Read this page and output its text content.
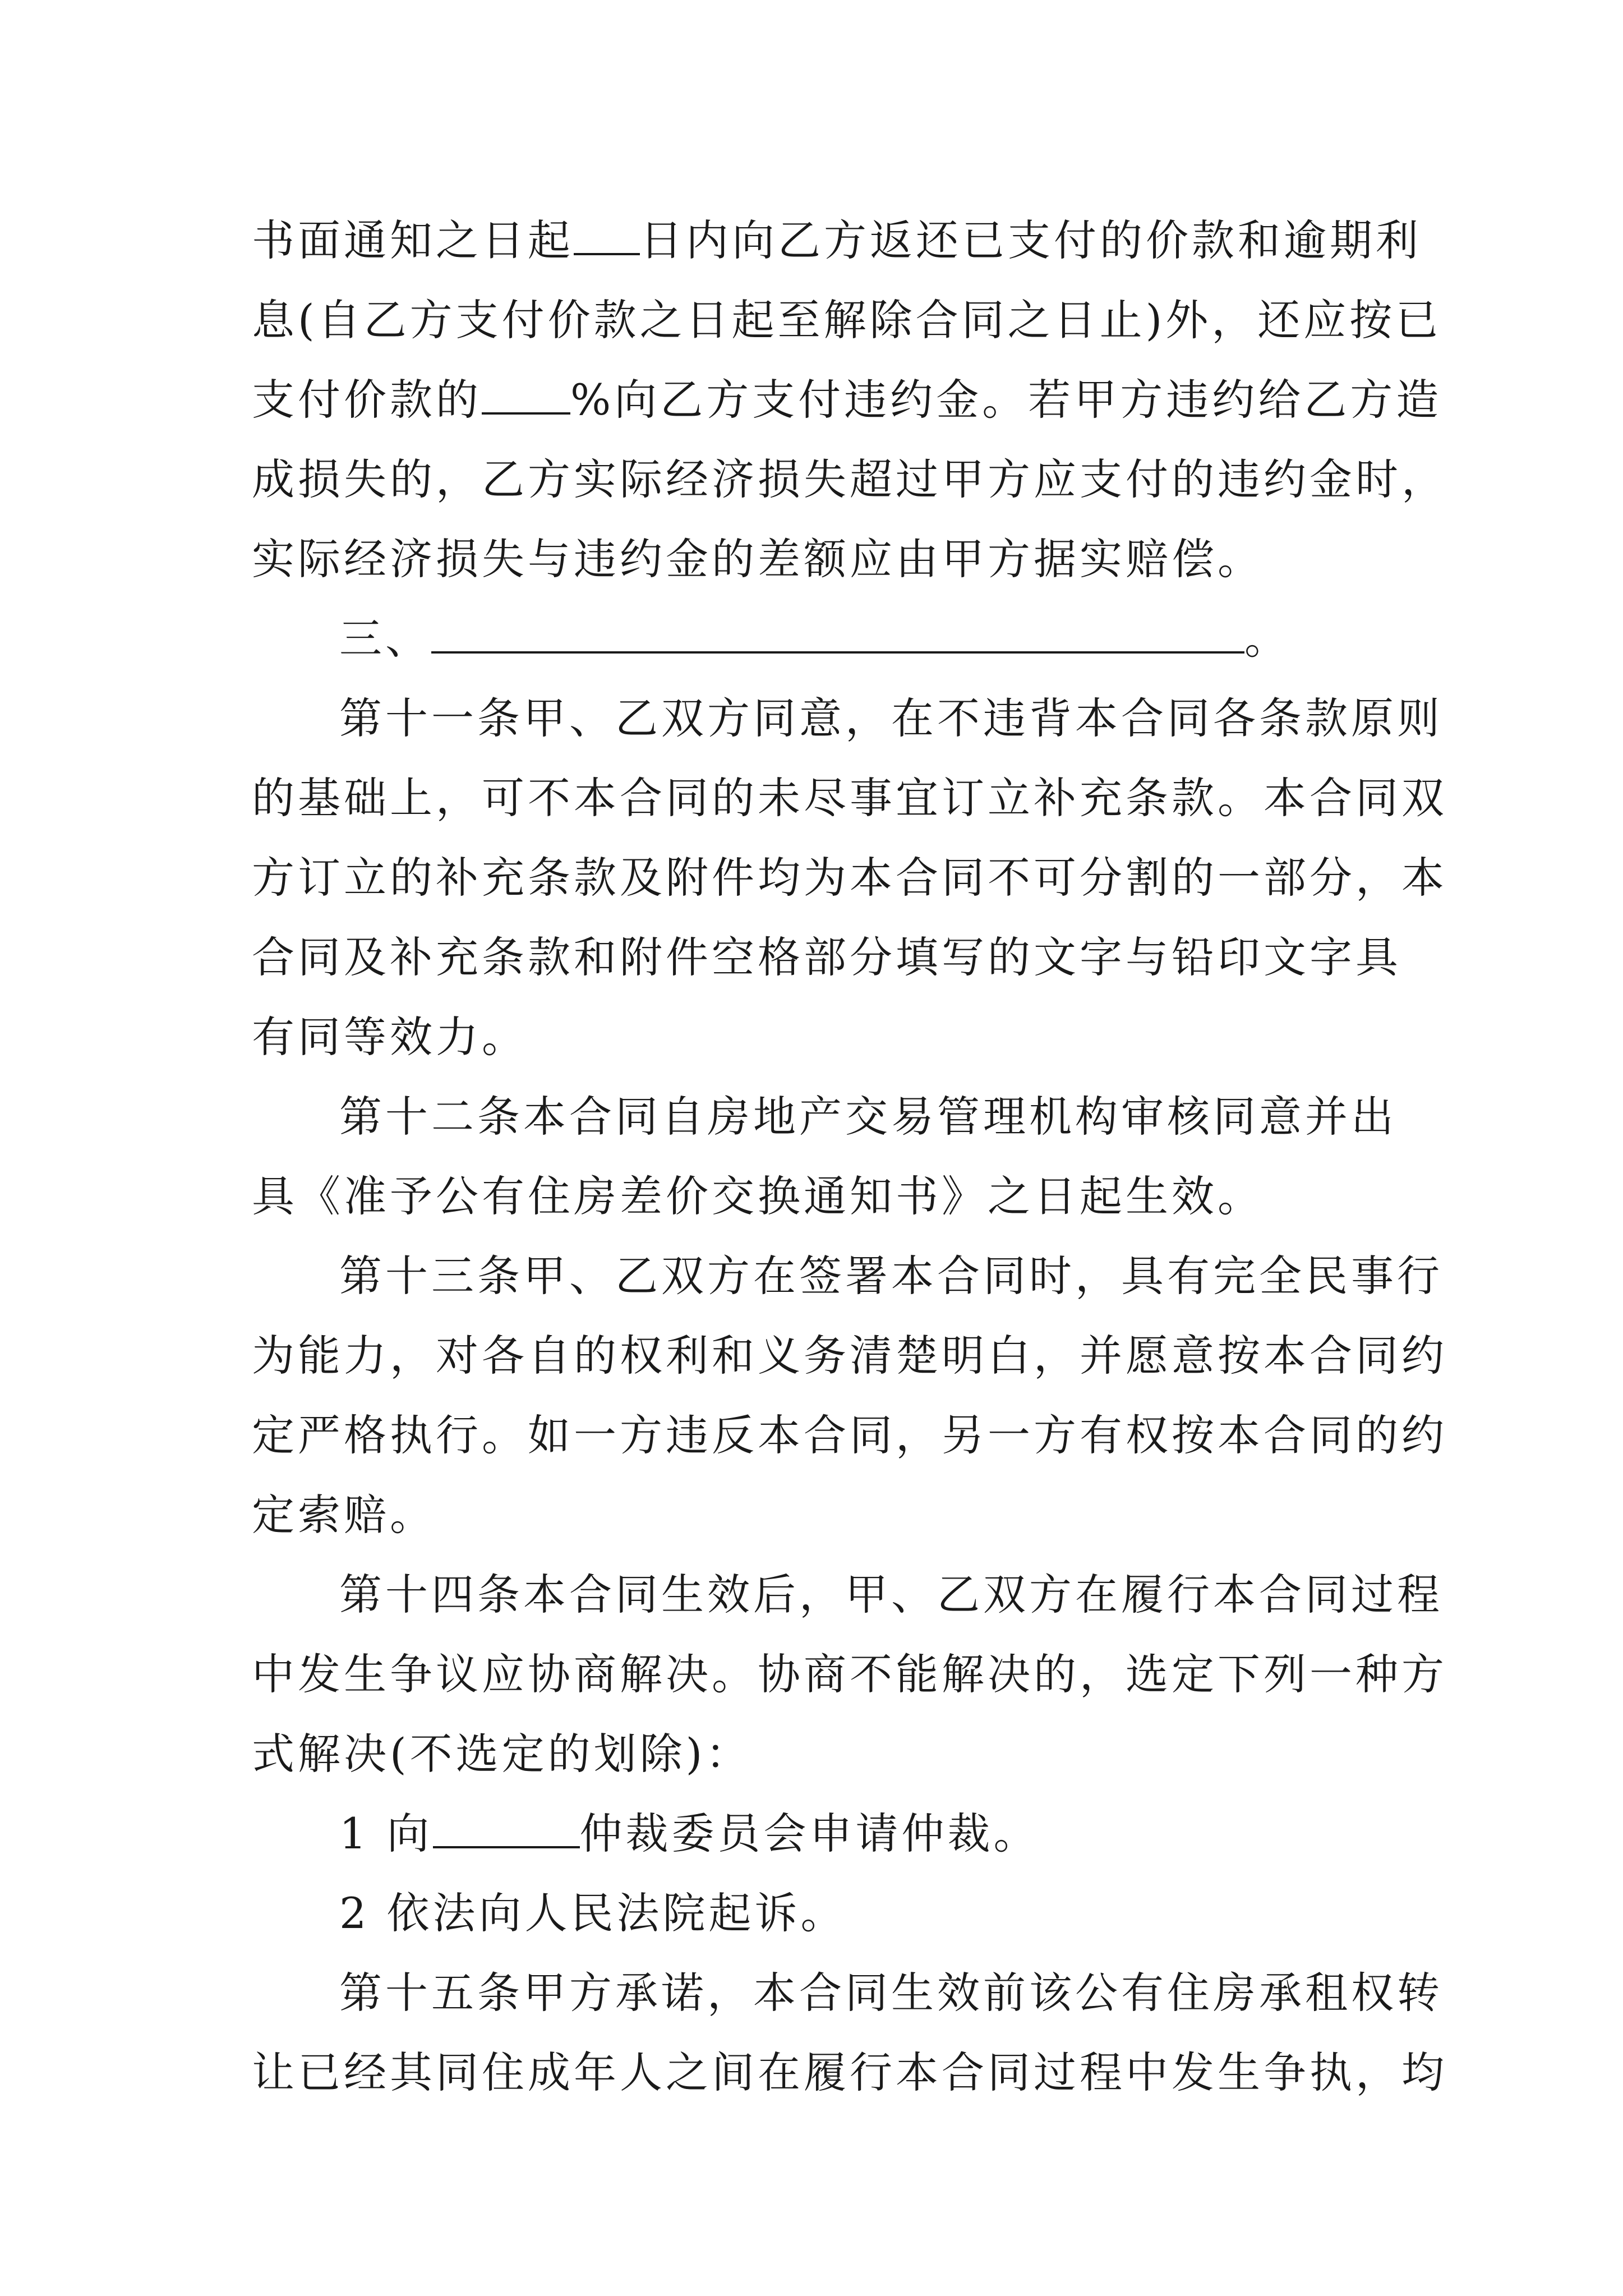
书面通知之日起 日内向乙方返还已支付的价款和逾期利
息(自乙方支付价款之日起至解除合同之日止)外，还应按已
支付价款的 %向乙方支付违约金。若甲方违约给乙方造
成损失的，乙方实际经济损失超过甲方应支付的违约金时，
实际经济损失与违约金的差额应由甲方据实赔偿。
三、	。
第十一条甲、乙双方同意，在不违背本合同各条款原则
的基础上，可不本合同的未尽事宜订立补充条款。本合同双
方订立的补充条款及附件均为本合同不可分割的一部分，本
合同及补充条款和附件空格部分填写的文字与铅印文字具
有同等效力。
第十二条本合同自房地产交易管理机构审核同意并出
具《准予公有住房差价交换通知书》之日起生效。
第十三条甲、乙双方在签署本合同时，具有完全民事行
为能力，对各自的权利和义务清楚明白，并愿意按本合同约
定严格执行。如一方违反本合同，另一方有权按本合同的约
定索赔。
第十四条本合同生效后，甲、乙双方在履行本合同过程
中发生争议应协商解决。协商不能解决的，选定下列一种方
式解决(不选定的划除)：
1 向	仲裁委员会申请仲裁。
2 依法向人民法院起诉。
第十五条甲方承诺，本合同生效前该公有住房承租权转
让已经其同住成年人之间在履行本合同过程中发生争执，均
